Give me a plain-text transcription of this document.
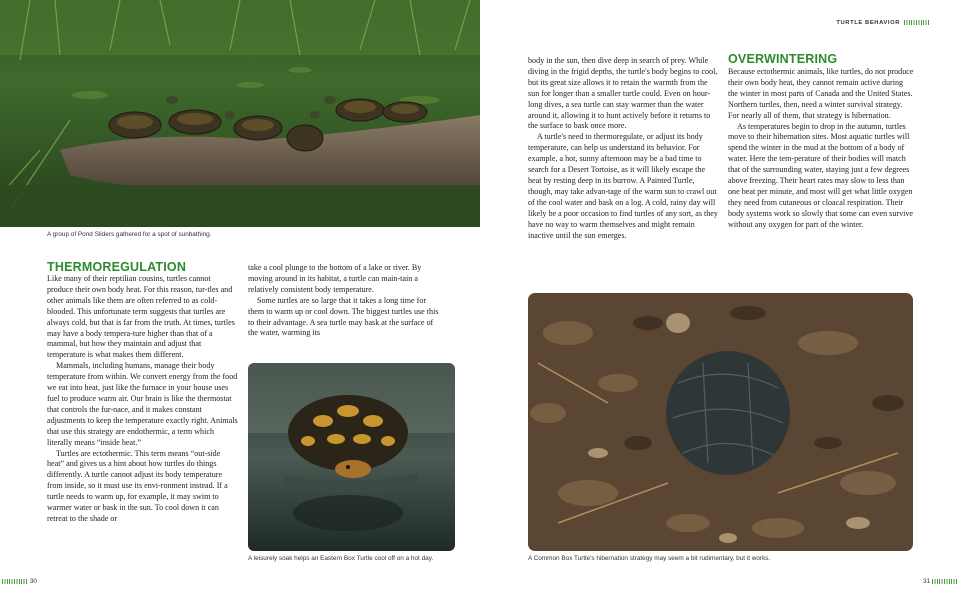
A group of Pond Sliders gathered for a spot of sunbathing.
A leisurely soak helps an Eastern Box Turtle cool off on a hot day.	A Common Box Turtle's hibernation strategy may seem a bit rudimentary, but it works.
TURTLE BEHAVIOR
THERMOREGULATION

Like many of their reptilian cousins, turtles cannot produce their own body heat. For this reason, tur-tles and other animals like them are often referred to as cold-blooded. This unfortunate term suggests that turtles are always cold, but that is far from the truth. At times, turtles may have a body tempera-ture higher than that of a mammal, but how they maintain and adjust that temperature is what makes them different.

Mammals, including humans, manage their body temperature from within. We convert energy from the food we eat into heat, just like the furnace in your house uses fuel to produce warm air. Our brain is like the thermostat that controls the fur-nace, and it makes constant adjustments to keep the temperature exactly right. Animals that use this strategy are endothermic, a term which literally means “inside heat.”

Turtles are ectothermic. This term means “out-side heat” and gives us a hint about how turtles do things differently. A turtle cannot adjust its body temperature from inside, so it must use its envi-ronment instead. If a turtle needs to warm up, for example, it may swim to warmer water or bask in the sun. To cool down it can retreat to the shade or

take a cool plunge to the bottom of a lake or river. By moving around in its habitat, a turtle can main-tain a relatively consistent body temperature.

Some turtles are so large that it takes a long time for them to warm up or cool down. The biggest turtles use this to their advantage. A sea turtle may bask at the surface of the water, warming its

body in the sun, then dive deep in search of prey. While diving in the frigid depths, the turtle's body begins to cool, but its great size allows it to retain the warmth from the sun for longer than a smaller turtle could. Even on hour-long dives, a sea turtle can stay warmer than the water around it, allowing it to hunt actively before it returns to the surface to bask once more.

A turtle's need to thermoregulate, or adjust its body temperature, can help us understand its behavior. For example, a hot, sunny afternoon may be a bad time to search for a Desert Tortoise, as it will likely escape the heat by resting deep in its burrow. A Painted Turtle, though, may take advan-tage of the warm sun to crawl out of the cool water and bask on a log. A cold, rainy day will likely be a poor occasion to find turtles of any sort, as they have no way to warm themselves and might remain inactive until the sun emerges.

OVERWINTERING

Because ectothermic animals, like turtles, do not produce their own body heat, they cannot remain active during the winter in most parts of Canada and the United States. Northern turtles, then, need a winter survival strategy. For nearly all of them, that strategy is hibernation.

As temperatures begin to drop in the autumn, turtles move to their hibernation sites. Most aquatic turtles will spend the winter in the mud at the bottom of a body of water. Here the tem-perature of their bodies will match that of the surrounding water, staying just a few degrees above freezing. Their heart rates may slow to less than one beat per minute, and most will get what little oxygen they need from cutaneous or cloacal respiration. Their body systems work so slowly that some can even survive without any oxygen for part of the winter.

30	31
